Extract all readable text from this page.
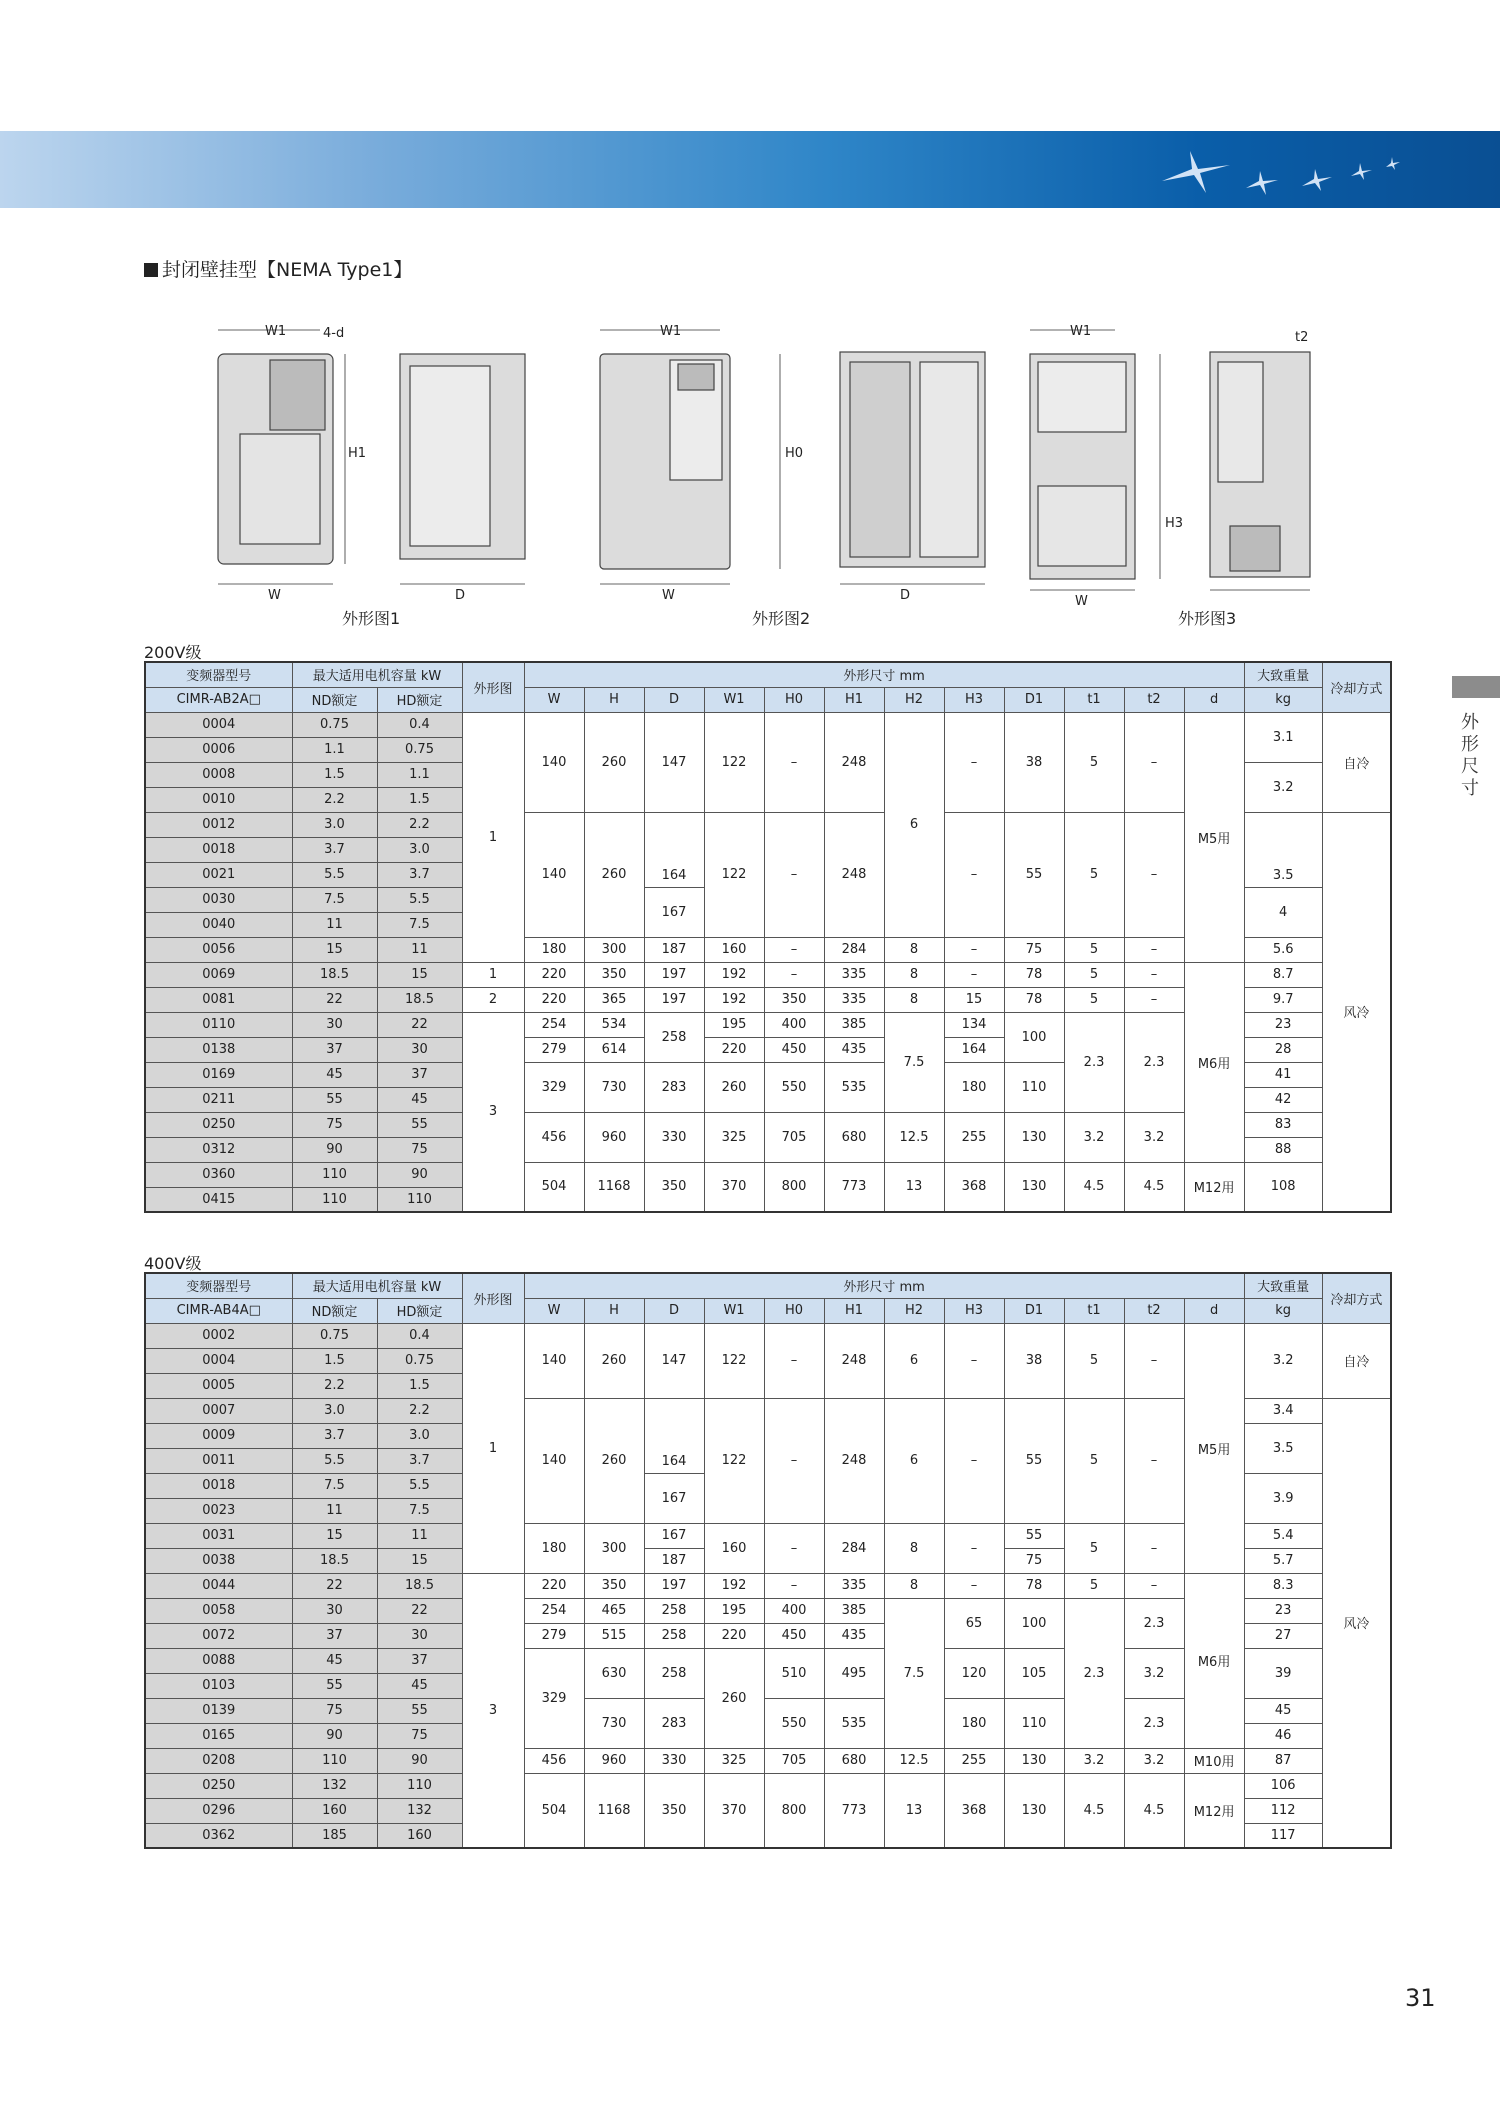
外形尺寸
封闭壁挂型【NEMA Type1】
外形图1	外形图2	外形图3
W1	4-d
H1
W	D
W1
H0
W	D
W1
H3
W
t2
200V级
变频器型号	最大适用电机容量 kW		外形图	外形尺寸 mm												大致重量	冷却方式
CIMR-AB2A□	ND额定	HD额定		W	H	D	W1	H0	H1	H2	H3	D1	t1	t2	d	kg	
0004	0.75	0.4	1	140	260	147	122	–	248	6	–	38	5	–	M5用	3.1	自冷
0006	1.1	0.75															
0008	1.5	1.1														3.2	
0010	2.2	1.5															
0012	3.0	2.2		140	260	164	122	–	248		–	55	5	–		3.5	风冷
0018	3.7	3.0															
0021	5.5	3.7															
0030	7.5	5.5				167										4	
0040	11	7.5															
0056	15	11		180	300	187	160	–	284	8	–	75	5	–		5.6	
0069	18.5	15	1	220	350	197	192	–	335	8	–	78	5	–	M6用	8.7	
0081	22	18.5	2	220	365	197	192	350	335	8	15	78	5	–		9.7	
0110	30	22	3	254	534	258	195	400	385	7.5	134	100	2.3	2.3		23	
0138	37	30		279	614		220	450	435		164					28	
0169	45	37		329	730	283	260	550	535		180	110				41	
0211	55	45														42	
0250	75	55		456	960	330	325	705	680	12.5	255	130	3.2	3.2		83	
0312	90	75														88	
0360	110	90		504	1168	350	370	800	773	13	368	130	4.5	4.5	M12用	108	
0415	110	110															
400V级
变频器型号	最大适用电机容量 kW		外形图	外形尺寸 mm												大致重量	冷却方式
CIMR-AB4A□	ND额定	HD额定		W	H	D	W1	H0	H1	H2	H3	D1	t1	t2	d	kg	
0002	0.75	0.4	1	140	260	147	122	–	248	6	–	38	5	–	M5用	3.2	自冷
0004	1.5	0.75															
0005	2.2	1.5															
0007	3.0	2.2		140	260	164	122	–	248	6	–	55	5	–		3.4	风冷
0009	3.7	3.0														3.5	
0011	5.5	3.7															
0018	7.5	5.5				167										3.9	
0023	11	7.5															
0031	15	11		180	300	167	160	–	284	8	–	55	5	–		5.4	
0038	18.5	15				187						75				5.7	
0044	22	18.5	3	220	350	197	192	–	335	8	–	78	5	–	M6用	8.3	
0058	30	22		254	465	258	195	400	385	7.5	65	100	2.3	2.3		23	
0072	37	30		279	515	258	220	450	435							27	
0088	45	37		329	630	258	260	510	495		120	105		3.2		39	
0103	55	45															
0139	75	55			730	283		550	535		180	110		2.3		45	
0165	90	75														46	
0208	110	90		456	960	330	325	705	680	12.5	255	130	3.2	3.2	M10用	87	
0250	132	110		504	1168	350	370	800	773	13	368	130	4.5	4.5	M12用	106	
0296	160	132														112	
0362	185	160														117	
31
